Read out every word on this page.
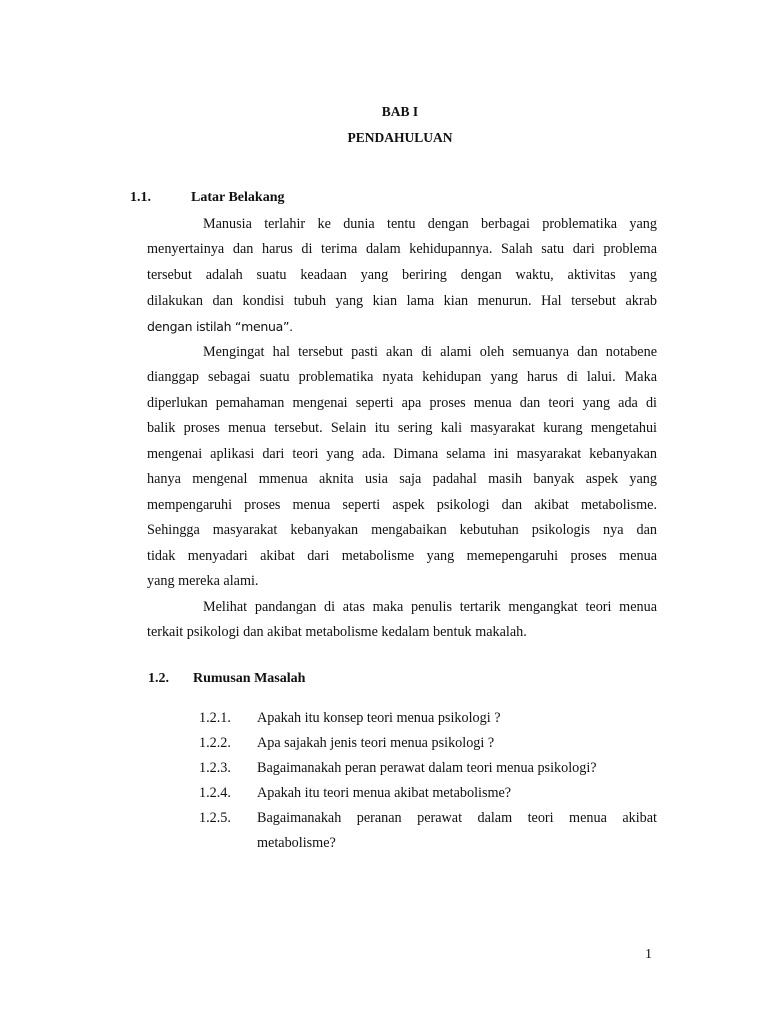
BAB I
PENDAHULUAN
1.1.	Latar Belakang
Manusia terlahir ke dunia tentu dengan berbagai problematika yang
menyertainya dan harus di terima dalam kehidupannya. Salah satu dari problema
tersebut adalah suatu keadaan yang beriring dengan waktu, aktivitas yang
dilakukan dan kondisi tubuh yang kian lama kian menurun. Hal tersebut akrab
dengan istilah “menua”.
Mengingat hal tersebut pasti akan di alami oleh semuanya dan notabene
dianggap sebagai suatu problematika nyata kehidupan yang harus di lalui. Maka
diperlukan pemahaman mengenai seperti apa proses menua dan teori yang ada di
balik proses menua tersebut. Selain itu sering kali masyarakat kurang mengetahui
mengenai aplikasi dari teori yang ada. Dimana selama ini masyarakat kebanyakan
hanya mengenal mmenua aknita usia saja padahal masih banyak aspek yang
mempengaruhi proses menua seperti aspek psikologi dan akibat metabolisme.
Sehingga masyarakat kebanyakan mengabaikan kebutuhan psikologis nya dan
tidak menyadari akibat dari metabolisme yang memepengaruhi proses menua
yang mereka alami.
Melihat pandangan di atas maka penulis tertarik mengangkat teori menua
terkait psikologi dan akibat metabolisme kedalam bentuk makalah.
1.2. Rumusan Masalah
1.2.1. Apakah itu konsep teori menua psikologi ?
1.2.2. Apa sajakah jenis teori menua psikologi ?
1.2.3. Bagaimanakah peran perawat dalam teori menua psikologi?
1.2.4. Apakah itu teori menua akibat metabolisme?
1.2.5. Bagaimanakah peranan perawat dalam teori menua akibat
metabolisme?
1
